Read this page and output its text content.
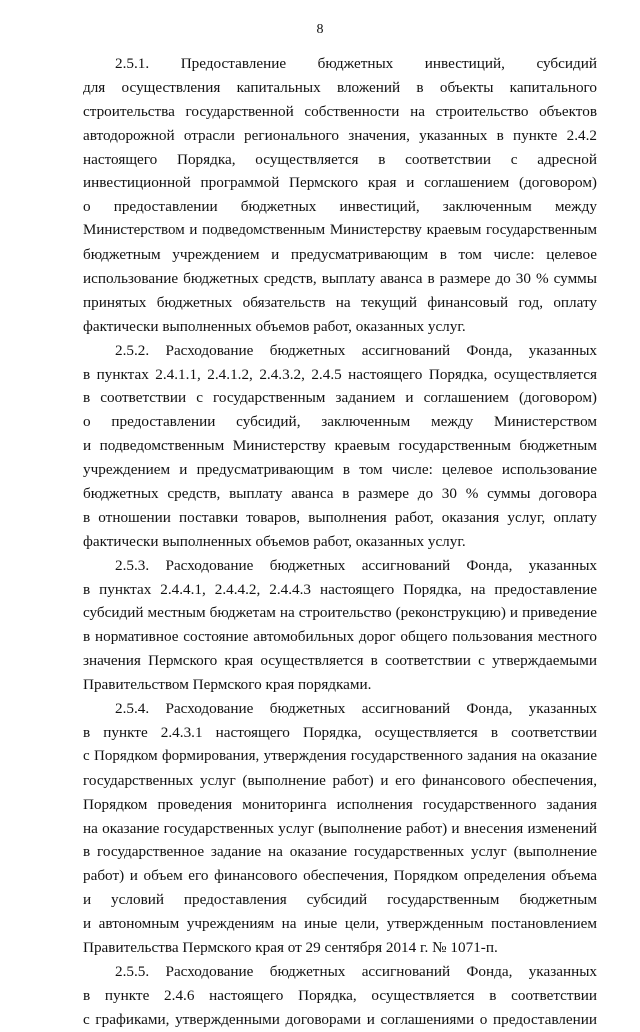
8
2.5.1. Предоставление бюджетных инвестиций, субсидий
для осуществления капитальных вложений в объекты капитального
строительства государственной собственности на строительство объектов
автодорожной отрасли регионального значения, указанных в пункте 2.4.2
настоящего Порядка, осуществляется в соответствии с адресной
инвестиционной программой Пермского края и соглашением (договором)
о предоставлении бюджетных инвестиций, заключенным между
Министерством и подведомственным Министерству краевым государственным
бюджетным учреждением и предусматривающим в том числе: целевое
использование бюджетных средств, выплату аванса в размере до 30 % суммы
принятых бюджетных обязательств на текущий финансовый год, оплату
фактически выполненных объемов работ, оказанных услуг.
2.5.2. Расходование бюджетных ассигнований Фонда, указанных
в пунктах 2.4.1.1, 2.4.1.2, 2.4.3.2, 2.4.5 настоящего Порядка, осуществляется
в соответствии с государственным заданием и соглашением (договором)
о предоставлении субсидий, заключенным между Министерством
и подведомственным Министерству краевым государственным бюджетным
учреждением и предусматривающим в том числе: целевое использование
бюджетных средств, выплату аванса в размере до 30 % суммы договора
в отношении поставки товаров, выполнения работ, оказания услуг, оплату
фактически выполненных объемов работ, оказанных услуг.
2.5.3. Расходование бюджетных ассигнований Фонда, указанных
в пунктах 2.4.4.1, 2.4.4.2, 2.4.4.3 настоящего Порядка, на предоставление
субсидий местным бюджетам на строительство (реконструкцию) и приведение
в нормативное состояние автомобильных дорог общего пользования местного
значения Пермского края осуществляется в соответствии с утверждаемыми
Правительством Пермского края порядками.
2.5.4. Расходование бюджетных ассигнований Фонда, указанных
в пункте 2.4.3.1 настоящего Порядка, осуществляется в соответствии
с Порядком формирования, утверждения государственного задания на оказание
государственных услуг (выполнение работ) и его финансового обеспечения,
Порядком проведения мониторинга исполнения государственного задания
на оказание государственных услуг (выполнение работ) и внесения изменений
в государственное задание на оказание государственных услуг (выполнение
работ) и объем его финансового обеспечения, Порядком определения объема
и условий предоставления субсидий государственным бюджетным
и автономным учреждениям на иные цели, утвержденным постановлением
Правительства Пермского края от 29 сентября 2014 г. № 1071-п.
2.5.5. Расходование бюджетных ассигнований Фонда, указанных
в пункте 2.4.6 настоящего Порядка, осуществляется в соответствии
с графиками, утвержденными договорами и соглашениями о предоставлении
